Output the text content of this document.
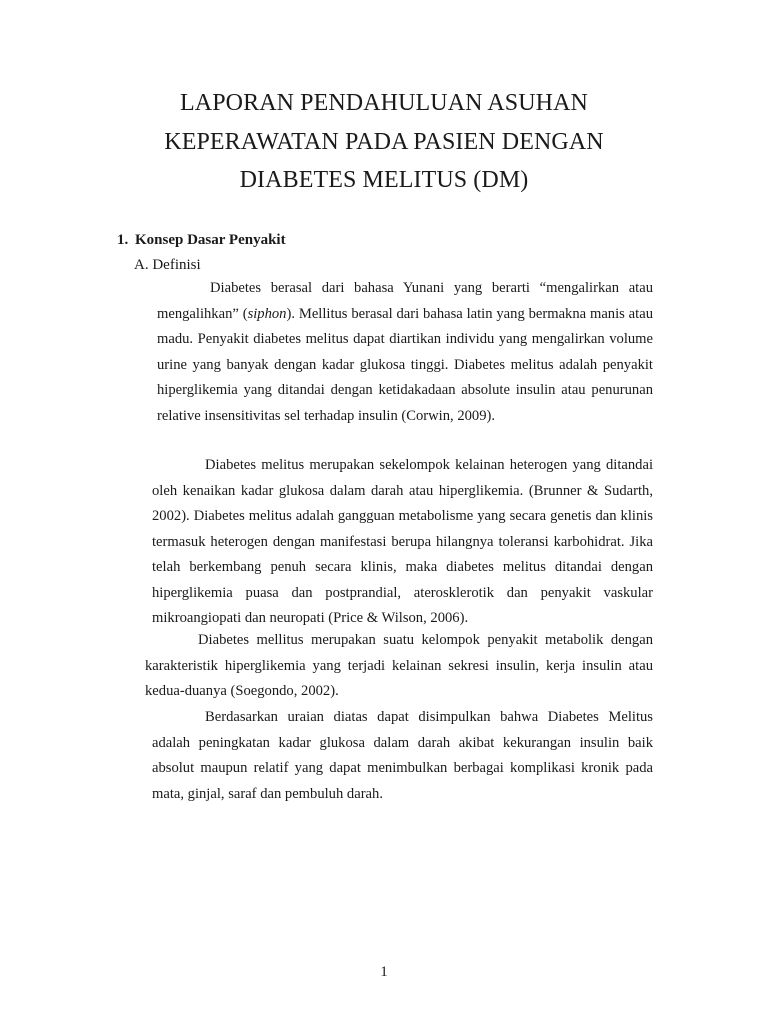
LAPORAN PENDAHULUAN ASUHAN
KEPERAWATAN PADA PASIEN DENGAN
DIABETES MELITUS (DM)
1. Konsep Dasar Penyakit
A. Definisi
Diabetes berasal dari bahasa Yunani yang berarti “mengalirkan atau mengalihkan” (siphon). Mellitus berasal dari bahasa latin yang bermakna manis atau madu. Penyakit diabetes melitus dapat diartikan individu yang mengalirkan volume urine yang banyak dengan kadar glukosa tinggi. Diabetes melitus adalah penyakit hiperglikemia yang ditandai dengan ketidakadaan absolute insulin atau penurunan relative insensitivitas sel terhadap insulin (Corwin, 2009).
Diabetes melitus merupakan sekelompok kelainan heterogen yang ditandai oleh kenaikan kadar glukosa dalam darah atau hiperglikemia. (Brunner & Sudarth, 2002). Diabetes melitus adalah gangguan metabolisme yang secara genetis dan klinis termasuk heterogen dengan manifestasi berupa hilangnya toleransi karbohidrat. Jika telah berkembang penuh secara klinis, maka diabetes melitus ditandai dengan hiperglikemia puasa dan postprandial, aterosklerotik dan penyakit vaskular mikroangiopati dan neuropati (Price & Wilson, 2006).
Diabetes mellitus merupakan suatu kelompok penyakit metabolik dengan karakteristik hiperglikemia yang terjadi kelainan sekresi insulin, kerja insulin atau kedua-duanya (Soegondo, 2002).
Berdasarkan uraian diatas dapat disimpulkan bahwa Diabetes Melitus adalah peningkatan kadar glukosa dalam darah akibat kekurangan insulin baik absolut maupun relatif yang dapat menimbulkan berbagai komplikasi kronik pada mata, ginjal, saraf dan pembuluh darah.
1
